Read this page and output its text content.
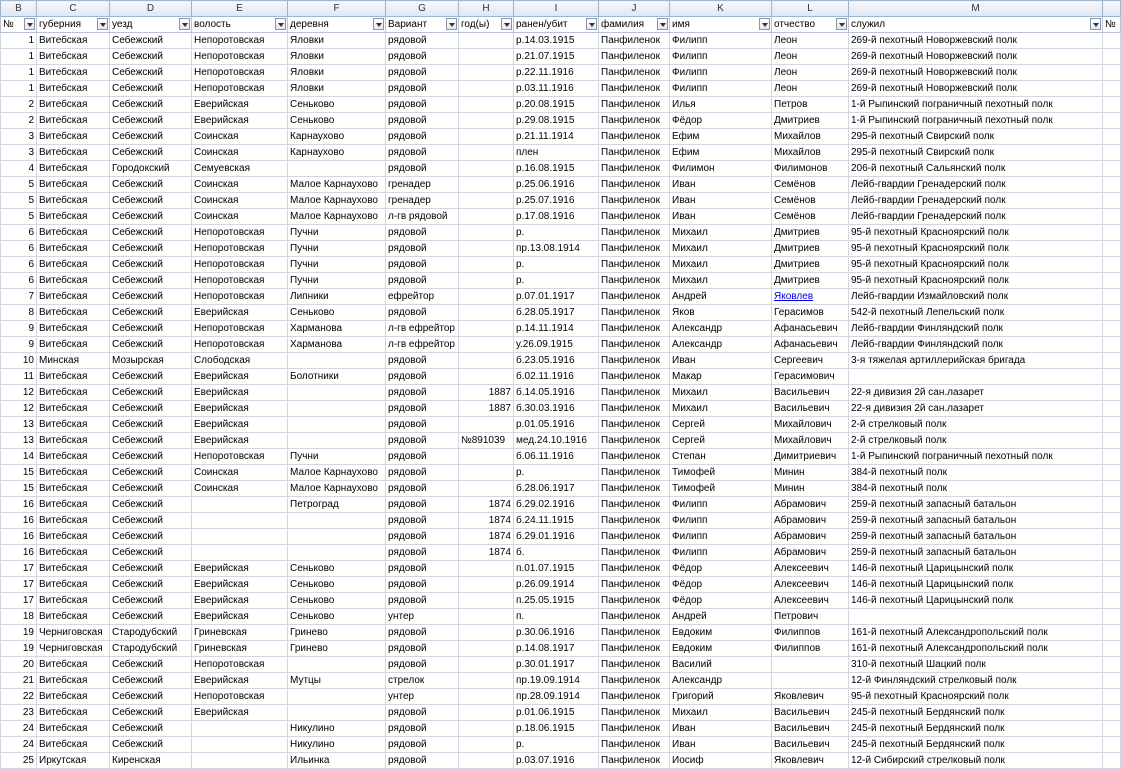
B	C	D	E	F	G	H	I	J	K	L	M	
№	губерния	уезд	волость	деревня	Вариант	год(ы)	ранен/убит	фамилия	имя	отчество	служил	№
1	Витебская	Себежский	Непоротовская	Яловки	рядовой		р.14.03.1915	Панфиленок	Филипп	Леон	269-й пехотный Новоржевский полк	
1	Витебская	Себежский	Непоротовская	Яловки	рядовой		р.21.07.1915	Панфиленок	Филипп	Леон	269-й пехотный Новоржевский полк	
1	Витебская	Себежский	Непоротовская	Яловки	рядовой		р.22.11.1916	Панфиленок	Филипп	Леон	269-й пехотный Новоржевский полк	
1	Витебская	Себежский	Непоротовская	Яловки	рядовой		р.03.11.1916	Панфиленок	Филипп	Леон	269-й пехотный Новоржевский полк	
2	Витебская	Себежский	Еверийская	Сеньково	рядовой		р.20.08.1915	Панфиленок	Илья	Петров	1-й Рыпинский пограничный пехотный полк	
2	Витебская	Себежский	Еверийская	Сеньково	рядовой		р.29.08.1915	Панфиленок	Фёдор	Дмитриев	1-й Рыпинский пограничный пехотный полк	
3	Витебская	Себежский	Соинская	Карнаухово	рядовой		р.21.11.1914	Панфиленок	Ефим	Михайлов	295-й пехотный Свирский полк	
3	Витебская	Себежский	Соинская	Карнаухово	рядовой		плен	Панфиленок	Ефим	Михайлов	295-й пехотный Свирский полк	
4	Витебская	Городокский	Семуевская		рядовой		р.16.08.1915	Панфиленок	Филимон	Филимонов	206-й пехотный Сальянский полк	
5	Витебская	Себежский	Соинская	Малое Карнаухово	гренадер		р.25.06.1916	Панфиленок	Иван	Семёнов	Лейб-гвардии Гренадерский полк	
5	Витебская	Себежский	Соинская	Малое Карнаухово	гренадер		р.25.07.1916	Панфиленок	Иван	Семёнов	Лейб-гвардии Гренадерский полк	
5	Витебская	Себежский	Соинская	Малое Карнаухово	л-гв рядовой		р.17.08.1916	Панфиленок	Иван	Семёнов	Лейб-гвардии Гренадерский полк	
6	Витебская	Себежский	Непоротовская	Пучни	рядовой		р.	Панфиленок	Михаил	Дмитриев	95-й пехотный Красноярский полк	
6	Витебская	Себежский	Непоротовская	Пучни	рядовой		пр.13.08.1914	Панфиленок	Михаил	Дмитриев	95-й пехотный Красноярский полк	
6	Витебская	Себежский	Непоротовская	Пучни	рядовой		р.	Панфиленок	Михаил	Дмитриев	95-й пехотный Красноярский полк	
6	Витебская	Себежский	Непоротовская	Пучни	рядовой		р.	Панфиленок	Михаил	Дмитриев	95-й пехотный Красноярский полк	
7	Витебская	Себежский	Непоротовская	Липники	ефрейтор		р.07.01.1917	Панфиленок	Андрей	Яковлев	Лейб-гвардии Измайловский полк	
8	Витебская	Себежский	Еверийская	Сеньково	рядовой		б.28.05.1917	Панфиленок	Яков	Герасимов	542-й пехотный Лепельский полк	
9	Витебская	Себежский	Непоротовская	Харманова	л-гв ефрейтор		р.14.11.1914	Панфиленок	Александр	Афанасьевич	Лейб-гвардии Финляндский полк	
9	Витебская	Себежский	Непоротовская	Харманова	л-гв ефрейтор		у.26.09.1915	Панфиленок	Александр	Афанасьевич	Лейб-гвардии Финляндский полк	
10	Минская	Мозырская	Слободская		рядовой		б.23.05.1916	Панфиленок	Иван	Сергеевич	3-я тяжелая артиллерийская бригада	
11	Витебская	Себежский	Еверийская	Болотники	рядовой		б.02.11.1916	Панфиленок	Макар	Герасимович		
12	Витебская	Себежский	Еверийская		рядовой	1887	б.14.05.1916	Панфиленок	Михаил	Васильевич	22-я дивизия 2й сан.лазарет	
12	Витебская	Себежский	Еверийская		рядовой	1887	б.30.03.1916	Панфиленок	Михаил	Васильевич	22-я дивизия 2й сан.лазарет	
13	Витебская	Себежский	Еверийская		рядовой		р.01.05.1916	Панфиленок	Сергей	Михайлович	2-й стрелковый полк	
13	Витебская	Себежский	Еверийская		рядовой	№891039	мед.24.10.1916	Панфиленок	Сергей	Михайлович	2-й стрелковый полк	
14	Витебская	Себежский	Непоротовская	Пучни	рядовой		б.06.11.1916	Панфиленок	Степан	Димитриевич	1-й Рыпинский пограничный пехотный полк	
15	Витебская	Себежский	Соинская	Малое Карнаухово	рядовой		р.	Панфиленок	Тимофей	Минин	384-й пехотный полк	
15	Витебская	Себежский	Соинская	Малое Карнаухово	рядовой		б.28.06.1917	Панфиленок	Тимофей	Минин	384-й пехотный полк	
16	Витебская	Себежский		Петроград	рядовой	1874	б.29.02.1916	Панфиленок	Филипп	Абрамович	259-й пехотный запасный батальон	
16	Витебская	Себежский			рядовой	1874	б.24.11.1915	Панфиленок	Филипп	Абрамович	259-й пехотный запасный батальон	
16	Витебская	Себежский			рядовой	1874	б.29.01.1916	Панфиленок	Филипп	Абрамович	259-й пехотный запасный батальон	
16	Витебская	Себежский			рядовой	1874	б.	Панфиленок	Филипп	Абрамович	259-й пехотный запасный батальон	
17	Витебская	Себежский	Еверийская	Сеньково	рядовой		п.01.07.1915	Панфиленок	Фёдор	Алексеевич	146-й пехотный Царицынский полк	
17	Витебская	Себежский	Еверийская	Сеньково	рядовой		р.26.09.1914	Панфиленок	Фёдор	Алексеевич	146-й пехотный Царицынский полк	
17	Витебская	Себежский	Еверийская	Сеньково	рядовой		п.25.05.1915	Панфиленок	Фёдор	Алексеевич	146-й пехотный Царицынский полк	
18	Витебская	Себежский	Еверийская	Сеньково	унтер		п.	Панфиленок	Андрей	Петрович		
19	Черниговская	Стародубский	Гриневская	Гринево	рядовой		р.30.06.1916	Панфиленок	Евдоким	Филиппов	161-й пехотный Александропольский полк	
19	Черниговская	Стародубский	Гриневская	Гринево	рядовой		р.14.08.1917	Панфиленок	Евдоким	Филиппов	161-й пехотный Александропольский полк	
20	Витебская	Себежский	Непоротовская		рядовой		р.30.01.1917	Панфиленок	Василий		310-й пехотный Шацкий полк	
21	Витебская	Себежский	Еверийская	Мутцы	стрелок		пр.19.09.1914	Панфиленок	Александр		12-й Финляндский стрелковый полк	
22	Витебская	Себежский	Непоротовская		унтер		пр.28.09.1914	Панфиленок	Григорий	Яковлевич	95-й пехотный Красноярский полк	
23	Витебская	Себежский	Еверийская		рядовой		р.01.06.1915	Панфиленок	Михаил	Васильевич	245-й пехотный Бердянский полк	
24	Витебская	Себежский		Никулино	рядовой		р.18.06.1915	Панфиленок	Иван	Васильевич	245-й пехотный Бердянский полк	
24	Витебская	Себежский		Никулино	рядовой		р.	Панфиленок	Иван	Васильевич	245-й пехотный Бердянский полк	
25	Иркутская	Киренская		Ильинка	рядовой		р.03.07.1916	Панфиленок	Иосиф	Яковлевич	12-й Сибирский стрелковый полк	
